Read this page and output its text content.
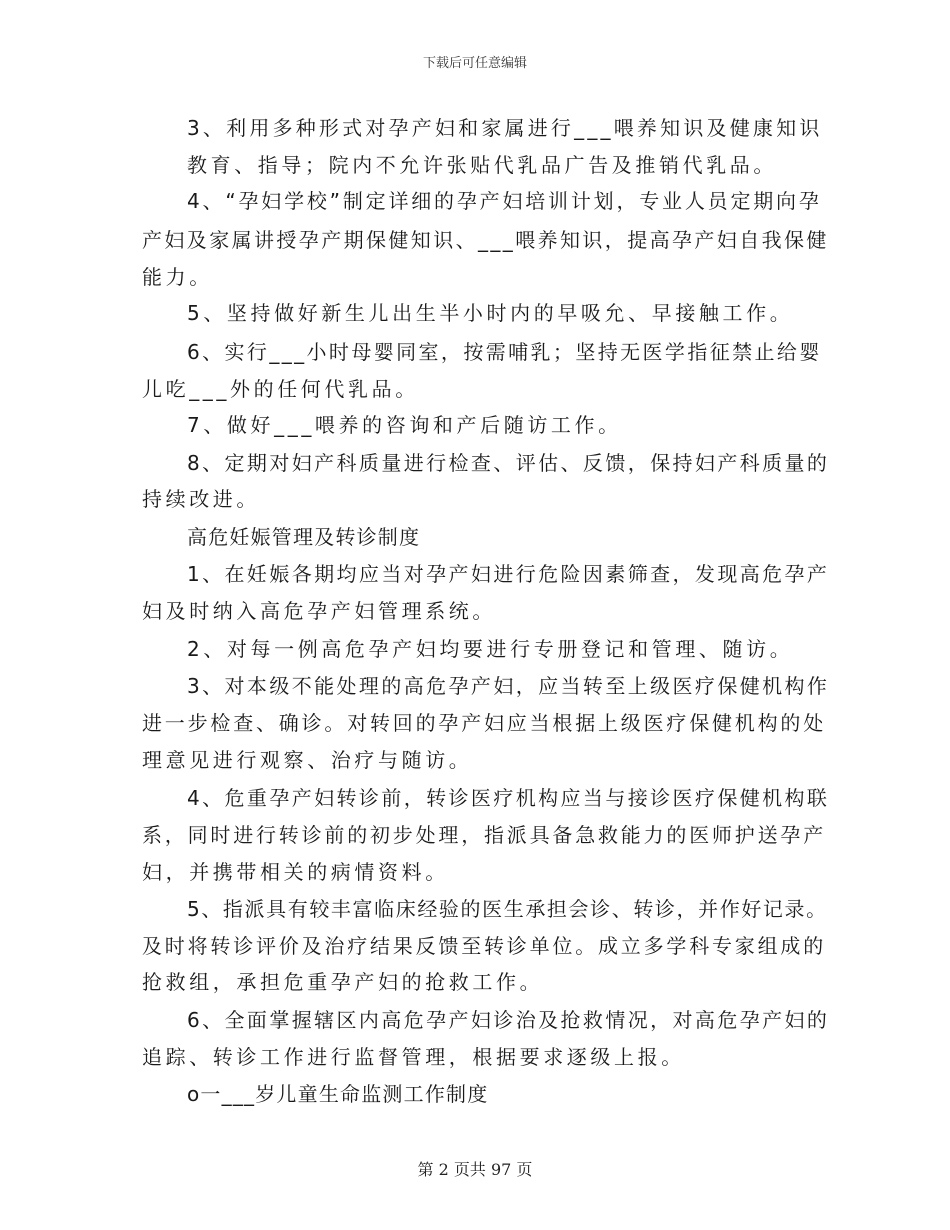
下载后可任意编辑
3、利用多种形式对孕产妇和家属进行___喂养知识及健康知识
教育、指导；院内不允许张贴代乳品广告及推销代乳品。
4、“孕妇学校”制定详细的孕产妇培训计划，专业人员定期向孕
产妇及家属讲授孕产期保健知识、___喂养知识，提高孕产妇自我保健
能力。
5、坚持做好新生儿出生半小时内的早吸允、早接触工作。
6、实行___小时母婴同室，按需哺乳；坚持无医学指征禁止给婴
儿吃___外的任何代乳品。
7、做好___喂养的咨询和产后随访工作。
8、定期对妇产科质量进行检查、评估、反馈，保持妇产科质量的
持续改进。
高危妊娠管理及转诊制度
1、在妊娠各期均应当对孕产妇进行危险因素筛查，发现高危孕产
妇及时纳入高危孕产妇管理系统。
2、对每一例高危孕产妇均要进行专册登记和管理、随访。
3、对本级不能处理的高危孕产妇，应当转至上级医疗保健机构作
进一步检查、确诊。对转回的孕产妇应当根据上级医疗保健机构的处
理意见进行观察、治疗与随访。
4、危重孕产妇转诊前，转诊医疗机构应当与接诊医疗保健机构联
系，同时进行转诊前的初步处理，指派具备急救能力的医师护送孕产
妇，并携带相关的病情资料。
5、指派具有较丰富临床经验的医生承担会诊、转诊，并作好记录。
及时将转诊评价及治疗结果反馈至转诊单位。成立多学科专家组成的
抢救组，承担危重孕产妇的抢救工作。
6、全面掌握辖区内高危孕产妇诊治及抢救情况，对高危孕产妇的
追踪、转诊工作进行监督管理，根据要求逐级上报。
o一___岁儿童生命监测工作制度
第 2 页共 97 页
